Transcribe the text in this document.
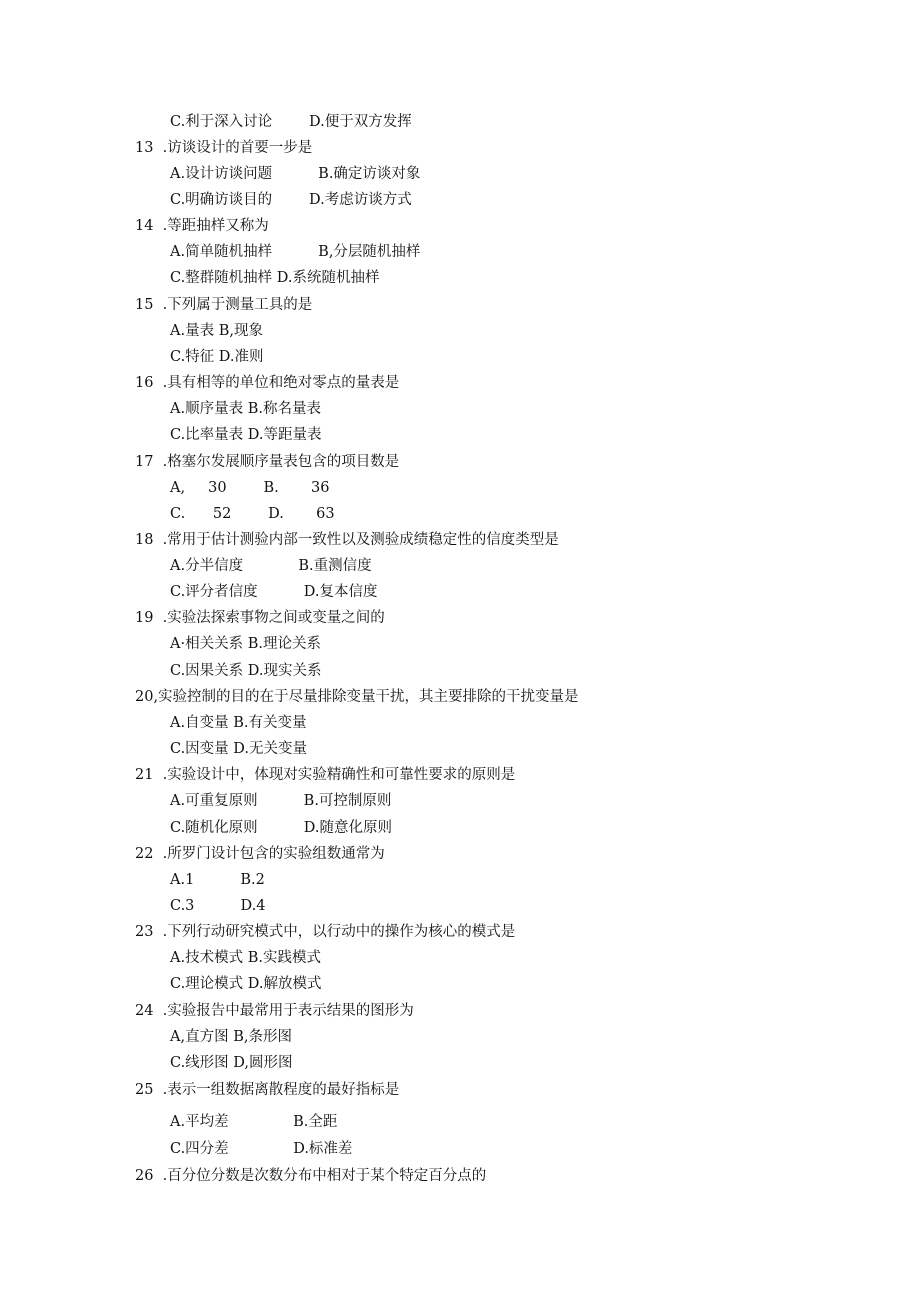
C.利于深入讨论        D.便于双方发挥
13  .访谈设计的首要一步是
A.设计访谈问题          B.确定访谈对象
C.明确访谈目的        D.考虑访谈方式
14  .等距抽样又称为
A.简单随机抽样          B,分层随机抽样
C.整群随机抽样 D.系统随机抽样
15  .下列属于测量工具的是
A.量表 B,现象
C.特征 D.准则
16  .具有相等的单位和绝对零点的量表是
A.顺序量表 B.称名量表
C.比率量表 D.等距量表
17  .格塞尔发展顺序量表包含的项目数是
A,     30        B.       36
C.      52        D.       63
18  .常用于估计测验内部一致性以及测验成绩稳定性的信度类型是
A.分半信度            B.重测信度
C.评分者信度          D.复本信度
19  .实验法探索事物之间或变量之间的
A·相关关系 B.理论关系
C.因果关系 D.现实关系
20,实验控制的目的在于尽量排除变量干扰，其主要排除的干扰变量是
A.自变量 B.有关变量
C.因变量 D.无关变量
21  .实验设计中，体现对实验精确性和可靠性要求的原则是
A.可重复原则          B.可控制原则
C.随机化原则          D.随意化原则
22  .所罗门设计包含的实验组数通常为
A.1          B.2
C.3          D.4
23  .下列行动研究模式中，以行动中的操作为核心的模式是
A.技术模式 B.实践模式
C.理论模式 D.解放模式
24  .实验报告中最常用于表示结果的图形为
A,直方图 B,条形图
C.线形图 D,圆形图
25  .表示一组数据离散程度的最好指标是
A.平均差              B.全距
C.四分差              D.标准差
26  .百分位分数是次数分布中相对于某个特定百分点的
